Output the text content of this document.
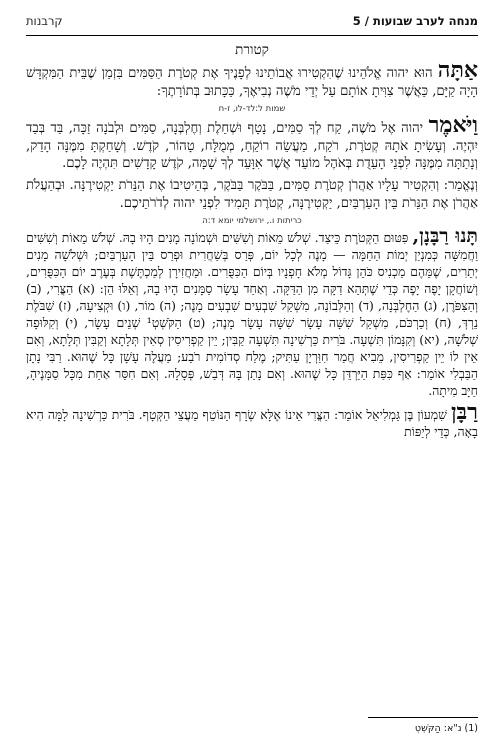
מנחה לערב שבועות / 5
קרבנות
קטורת

אַתָּה הוּא יהוה אֱלֹהֵינוּ שֶׁהִקְטִירוּ אֲבוֹתֵינוּ לְפָנֶיךָ אֶת קְטֹרֶת הַסַּמִּים בִּזְמַן שֶׁבֵּית הַמִּקְדָּשׁ הָיָה קַיָּם, כַּאֲשֶׁר צִוִּיתָ אוֹתָם עַל יְדֵי מֹשֶׁה נְבִיאֶךָ, כַּכָּתוּב בְּתוֹרָתֶךָ:

שמות ל:לד-לו, ז-ח

וַיֹּאמֶר יהוה אֶל מֹשֶׁה, קַח לְךָ סַמִּים, נָטָף וּשְׁחֵלֶת וְחֶלְבְּנָה, סַמִּים וּלְבֹנָה זַכָּה, בַּד בְּבַד יִהְיֶה. וְעָשִׂיתָ אֹתָהּ קְטֹרֶת, רֹקַח, מַעֲשֵׂה רוֹקֵחַ, מְמֻלָּח, טָהוֹר, קֹדֶשׁ. וְשָׁחַקְתָּ מִמֶּנָּה הָדֵק, וְנָתַתָּה מִמֶּנָּה לִפְנֵי הָעֵדֻת בְּאֹהֶל מוֹעֵד אֲשֶׁר אִוָּעֵד לְךָ שָׁמָּה, קֹדֶשׁ קָדָשִׁים תִּהְיֶה לָכֶם.

וְנֶאֱמַר: וְהִקְטִיר עָלָיו אַהֲרֹן קְטֹרֶת סַמִּים, בַּבֹּקֶר בַּבֹּקֶר, בְּהֵיטִיבוֹ אֶת הַנֵּרֹת יַקְטִירֶנָּה. וּבְהַעֲלֹת אַהֲרֹן אֶת הַנֵּרֹת בֵּין הָעַרְבַּיִם, יַקְטִירֶנָּה, קְטֹרֶת תָּמִיד לִפְנֵי יהוה לְדֹרֹתֵיכֶם.

כריתות ו., ירושלמי יומא ד:ה

תָּנוּ רַבָּנָן, פִּטּוּם הַקְּטֹרֶת כֵּיצַד. שְׁלֹשׁ מֵאוֹת וְשִׁשִּׁים וּשְׁמוֹנָה מָנִים הָיוּ בָהּ. שְׁלֹשׁ מֵאוֹת וְשִׁשִּׁים וַחֲמִשָּׁה כְּמִנְיַן יְמוֹת הַחַמָּה — מָנֶה לְכָל יוֹם, פְּרַס בְּשַׁחֲרִית וּפְרַס בֵּין הָעַרְבַּיִם; וּשְׁלֹשָׁה מָנִים יְתֵרִים, שֶׁמֵּהֶם מַכְנִיס כֹּהֵן גָּדוֹל מְלֹא חָפְנָיו בְּיוֹם הַכִּפֻּרִים. וּמַחֲזִירָן לְמַכְתֶּשֶׁת בְּעֶרֶב יוֹם הַכִּפֻּרִים, וְשׁוֹחֲקָן יָפֶה יָפֶה כְּדֵי שֶׁתְּהֵא דַקָּה מִן הַדַּקָּה. וְאַחַד עָשָׂר סַמָּנִים הָיוּ בָהּ, וְאֵלּוּ הֵן: (א) הַצֳּרִי, (ב) וְהַצִּפֹּרֶן, (ג) הַחֶלְבְּנָה, (ד) וְהַלְּבוֹנָה, מִשְׁקַל שִׁבְעִים שִׁבְעִים מָנֶה; (ה) מוֹר, (ו) וּקְצִיעָה, (ז) שִׁבֹּלֶת נֵרְדְּ, (ח) וְכַרְכֹּם, מִשְׁקַל שִׁשָּׁה עָשָׂר שִׁשָּׁה עָשָׂר מָנֶה; (ט) הַקֹּשְׁטְ¹ שְׁנֵים עָשָׂר, (י) וְקִלּוּפָה שְׁלֹשָׁה, (יא) וְקִנָּמוֹן תִּשְׁעָה. בֹּרִית כַּרְשִׁינָה תִּשְׁעָה קַבִּין; יֵין קַפְרִיסִין סְאִין תְּלָתָא וְקַבִּין תְּלָתָא, וְאִם אֵין לוֹ יֵין קַפְרִיסִין, מֵבִיא חֲמַר חִוַּרְיָן עַתִּיק; מֶלַח סְדוֹמִית רֹבַע; מַעֲלֶה עָשָׁן כָּל שֶׁהוּא. רַבִּי נָתָן הַבַּבְלִי אוֹמֵר: אַף כִּפַּת הַיַּרְדֵּן כָּל שֶׁהוּא. וְאִם נָתַן בָּהּ דְּבַשׁ, פְּסָלָהּ. וְאִם חִסַּר אַחַת מִכָּל סַמָּנֶיהָ, חַיָּב מִיתָה.

רַבָּן שִׁמְעוֹן בֶּן גַּמְלִיאֵל אוֹמֵר: הַצֳּרִי אֵינוֹ אֶלָּא שְׂרָף הַנּוֹטֵף מֵעֲצֵי הַקְּטָף. בֹּרִית כַּרְשִׁינָה לָמָּה הִיא בָאָה, כְּדֵי לְיַפּוֹת

(1) נ"א: הַקֹּשְׁטְ
